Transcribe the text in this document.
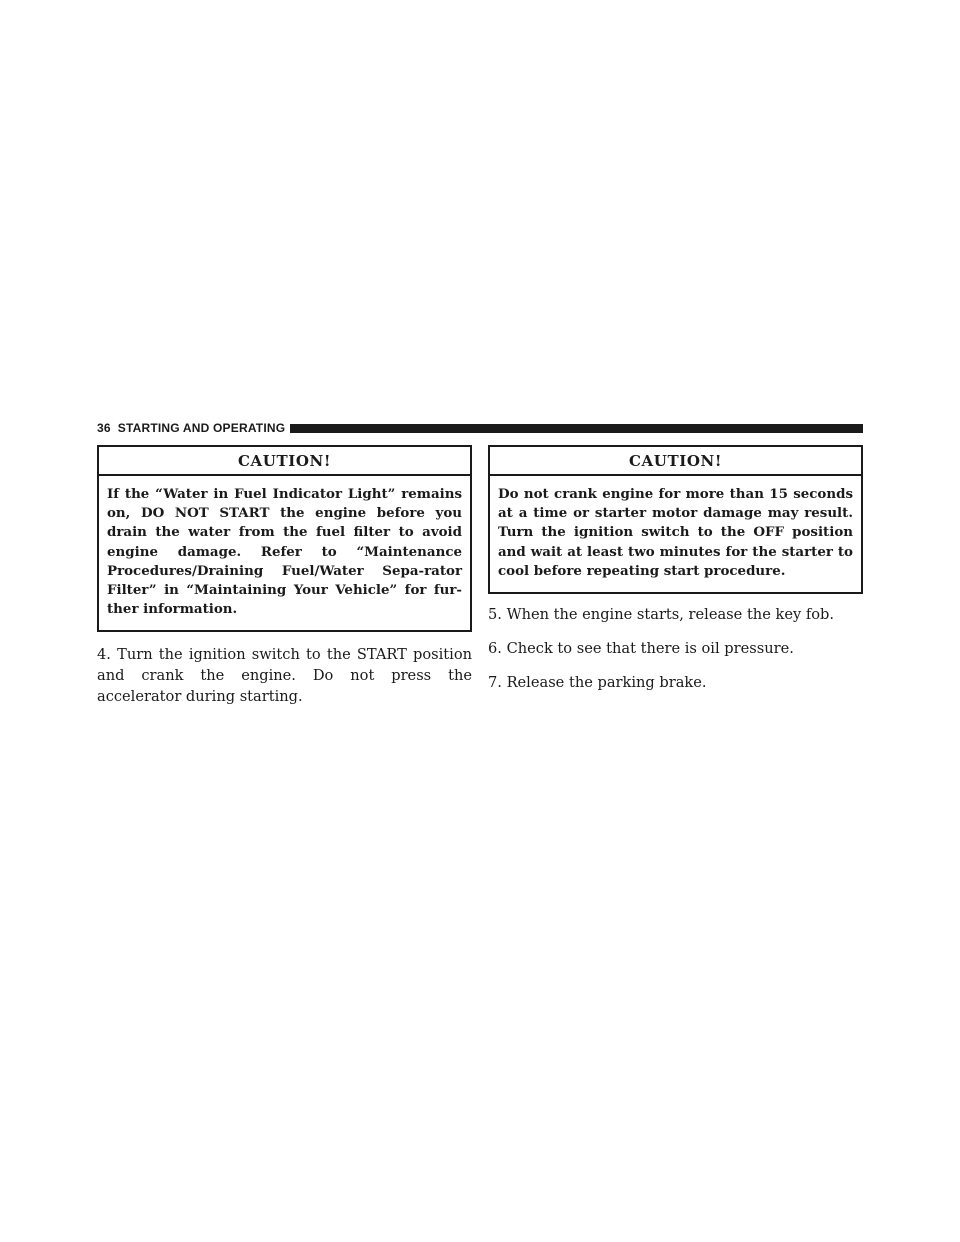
36 STARTING AND OPERATING
CAUTION!
If the “Water in Fuel Indicator Light” remains on, DO NOT START the engine before you drain the water from the fuel filter to avoid engine damage. Refer to “Maintenance Procedures/Draining Fuel/Water Sepa-rator Filter” in “Maintaining Your Vehicle” for fur-ther information.

4. Turn the ignition switch to the START position and crank the engine. Do not press the accelerator during starting.

CAUTION!
Do not crank engine for more than 15 seconds at a time or starter motor damage may result. Turn the ignition switch to the OFF position and wait at least two minutes for the starter to cool before repeating start procedure.

5. When the engine starts, release the key fob.

6. Check to see that there is oil pressure.

7. Release the parking brake.
